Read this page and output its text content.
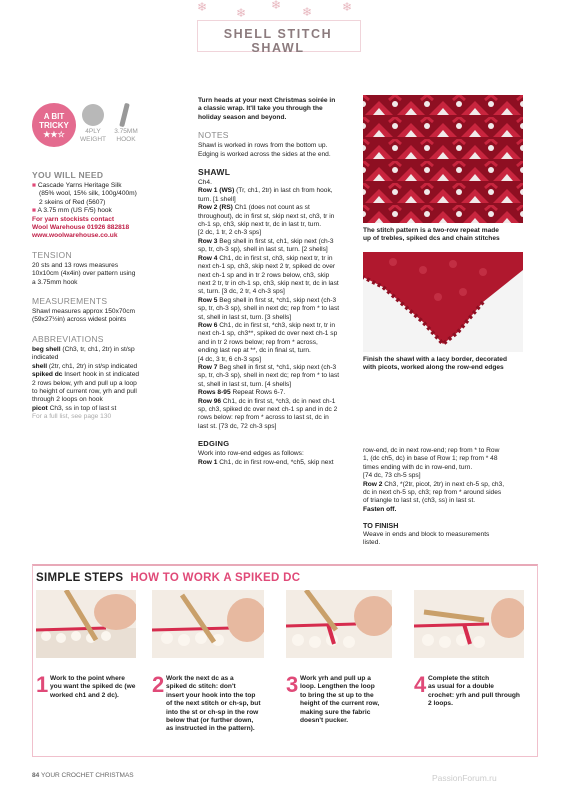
❄ ❄
❄ ❄ ❄
SHELL STITCH SHAWL
A BIT
TRICKY
★★☆	4PLY
WEIGHT
3.75MM
HOOK
YOU WILL NEED
■ Cascade Yarns Heritage Silk
(85% wool, 15% silk, 100g/400m)
2 skeins of Red (5607)
■ A 3.75 mm (US F/5) hook
For yarn stockists contact
Wool Warehouse 01926 882818
www.woolwarehouse.co.uk
TENSION
20 sts and 13 rows measures
10x10cm (4x4in) over pattern using
a 3.75mm hook
MEASUREMENTS
Shawl measures approx 150x70cm
(59x27½in) across widest points
ABBREVIATIONS
beg shell (Ch3, tr, ch1, 2tr) in st/sp
indicated
shell (2tr, ch1, 2tr) in st/sp indicated
spiked dc Insert hook in st indicated
2 rows below, yrh and pull up a loop
to height of current row, yrh and pull
through 2 loops on hook
picot Ch3, ss in top of last st
For a full list, see page 130
Turn heads at your next Christmas soirée in
a classic wrap. It'll take you through the
holiday season and beyond.
NOTES
Shawl is worked in rows from the bottom up.
Edging is worked across the sides at the end.
SHAWL
Ch4.
Row 1 (WS) (Tr, ch1, 2tr) in last ch from hook,
turn. [1 shell]
Row 2 (RS) Ch1 (does not count as st
throughout), dc in first st, skip next st, ch3, tr in
ch-1 sp, ch3, skip next tr, dc in last tr, turn.
[2 dc, 1 tr, 2 ch-3 sps]
Row 3 Beg shell in first st, ch1, skip next (ch-3
sp, tr, ch-3 sp), shell in last st, turn. [2 shells]
Row 4 Ch1, dc in first st, ch3, skip next tr, tr in
next ch-1 sp, ch3, skip next 2 tr, spiked dc over
next ch-1 sp and in tr 2 rows below, ch3, skip
next 2 tr, tr in ch-1 sp, ch3, skip next tr, dc in last
st, turn. [3 dc, 2 tr, 4 ch-3 sps]
Row 5 Beg shell in first st, *ch1, skip next (ch-3
sp, tr, ch-3 sp), shell in next dc; rep from * to last
st, shell in last st, turn. [3 shells]
Row 6 Ch1, dc in first st, *ch3, skip next tr, tr in
next ch-1 sp, ch3**, spiked dc over next ch-1 sp
and in tr 2 rows below; rep from * across,
ending last rep at **, dc in final st, turn.
[4 dc, 3 tr, 6 ch-3 sps]
Row 7 Beg shell in first st, *ch1, skip next (ch-3
sp, tr, ch-3 sp), shell in next dc; rep from * to last
st, shell in last st, turn. [4 shells]
Rows 8-95 Repeat Rows 6-7.
Row 96 Ch1, dc in first st, *ch3, dc in next ch-1
sp, ch3, spiked dc over next ch-1 sp and in dc 2
rows below: rep from * across to last st, dc in
last st. [73 dc, 72 ch-3 sps]
EDGING
Work into row-end edges as follows:
Row 1 Ch1, dc in first row-end, *ch5, skip next
The stitch pattern is a two-row repeat made
up of trebles, spiked dcs and chain stitches
Finish the shawl with a lacy border, decorated
with picots, worked along the row-end edges
row-end, dc in next row-end; rep from * to Row
1, (dc ch5, dc) in base of Row 1; rep from * 48
times ending with dc in row-end, turn.
[74 dc, 73 ch-5 sps]
Row 2 Ch3, *(2tr, picot, 2tr) in next ch-5 sp, ch3,
dc in next ch-5 sp, ch3; rep from * around sides
of triangle to last st, (ch3, ss) in last st.
Fasten off.
TO FINISH
Weave in ends and block to measurements
listed.
SIMPLE STEPS HOW TO WORK A SPIKED DC
1 Work to the point where
you want the spiked dc (we
worked ch1 and 2 dc).	2 Work the next dc as a
spiked dc stitch: don't
insert your hook into the top
of the next stitch or ch-sp, but
into the st or ch-sp in the row
below that (or further down,
as instructed in the pattern).
3 Work yrh and pull up a
loop. Lengthen the loop
to bring the st up to the
height of the current row,
making sure the fabric
doesn't pucker.
4 Complete the stitch
as usual for a double
crochet: yrh and pull through
2 loops.
84 YOUR CROCHET CHRISTMAS	PassionForum.ru
